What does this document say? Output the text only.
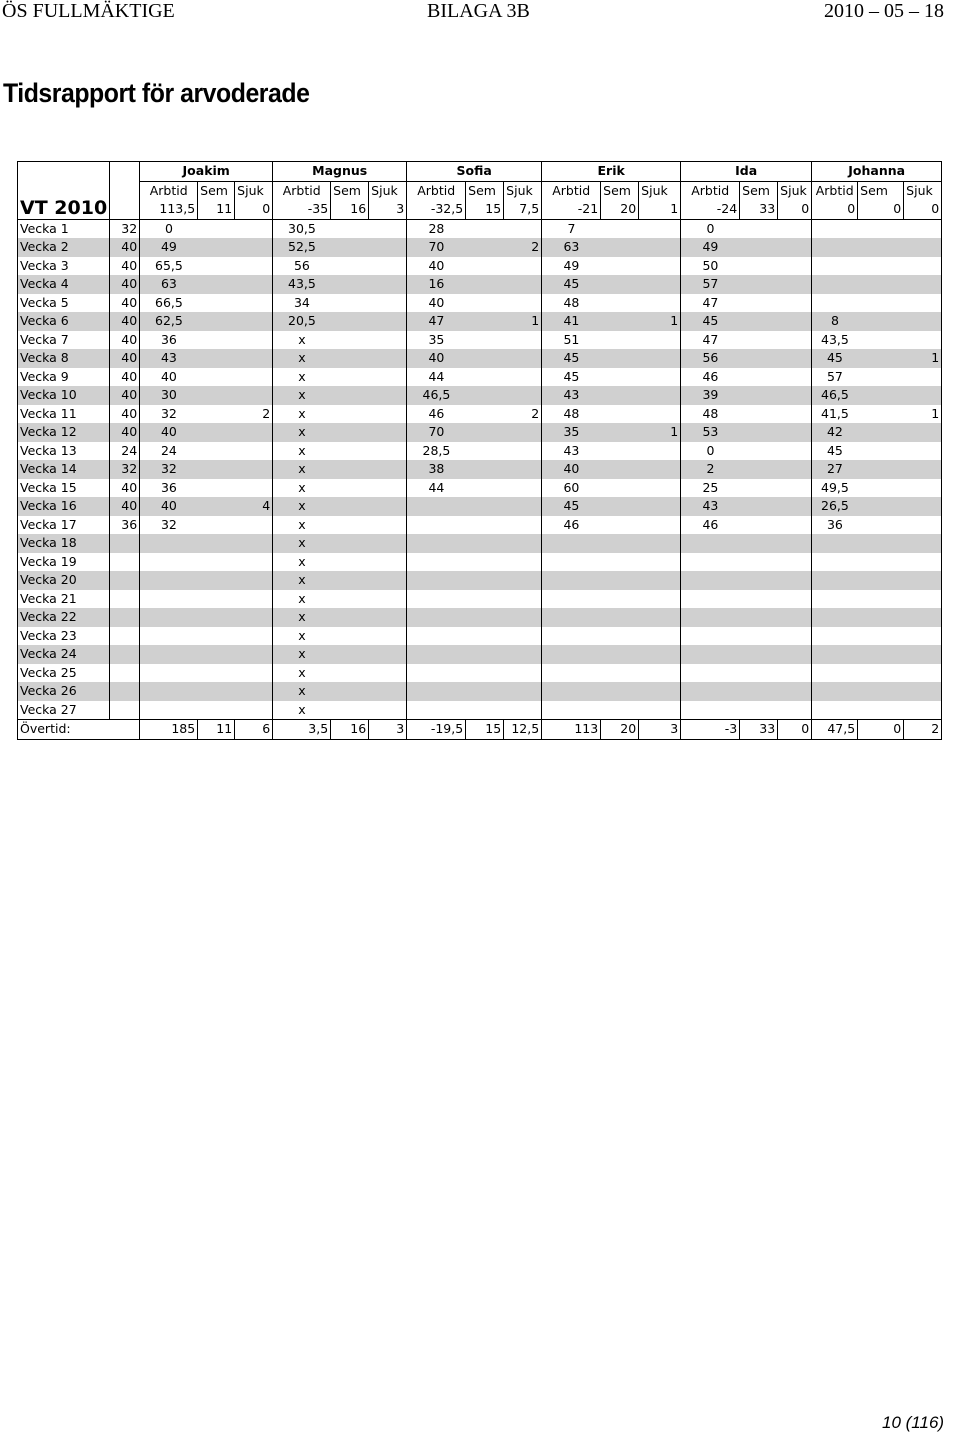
ÖS FULLMÄKTIGE	BILAGA 3B	2010 – 05 – 18
Tidsrapport för arvoderade
VT 2010		Joakim			Magnus			Sofia			Erik			Ida			Johanna		
		Arbtid	Sem	Sjuk	Arbtid	Sem	Sjuk	Arbtid	Sem	Sjuk	Arbtid	Sem	Sjuk	Arbtid	Sem	Sjuk	Arbtid	Sem	Sjuk
		113,5	11	0	-35	16	3	-32,5	15	7,5	-21	20	1	-24	33	0	0	0	0
Vecka 1	32	0			30,5			28			7			0					
Vecka 2	40	49			52,5			70		2	63			49					
Vecka 3	40	65,5			56			40			49			50					
Vecka 4	40	63			43,5			16			45			57					
Vecka 5	40	66,5			34			40			48			47					
Vecka 6	40	62,5			20,5			47		1	41		1	45			8		
Vecka 7	40	36			x			35			51			47			43,5		
Vecka 8	40	43			x			40			45			56			45		1
Vecka 9	40	40			x			44			45			46			57		
Vecka 10	40	30			x			46,5			43			39			46,5		
Vecka 11	40	32		2	x			46		2	48			48			41,5		1
Vecka 12	40	40			x			70			35		1	53			42		
Vecka 13	24	24			x			28,5			43			0			45		
Vecka 14	32	32			x			38			40			2			27		
Vecka 15	40	36			x			44			60			25			49,5		
Vecka 16	40	40		4	x						45			43			26,5		
Vecka 17	36	32			x						46			46			36		
Vecka 18					x														
Vecka 19					x														
Vecka 20					x														
Vecka 21					x														
Vecka 22					x														
Vecka 23					x														
Vecka 24					x														
Vecka 25					x														
Vecka 26					x														
Vecka 27					x														
Övertid:		185	11	6	3,5	16	3	-19,5	15	12,5	113	20	3	-3	33	0	47,5	0	2
10 (116)
